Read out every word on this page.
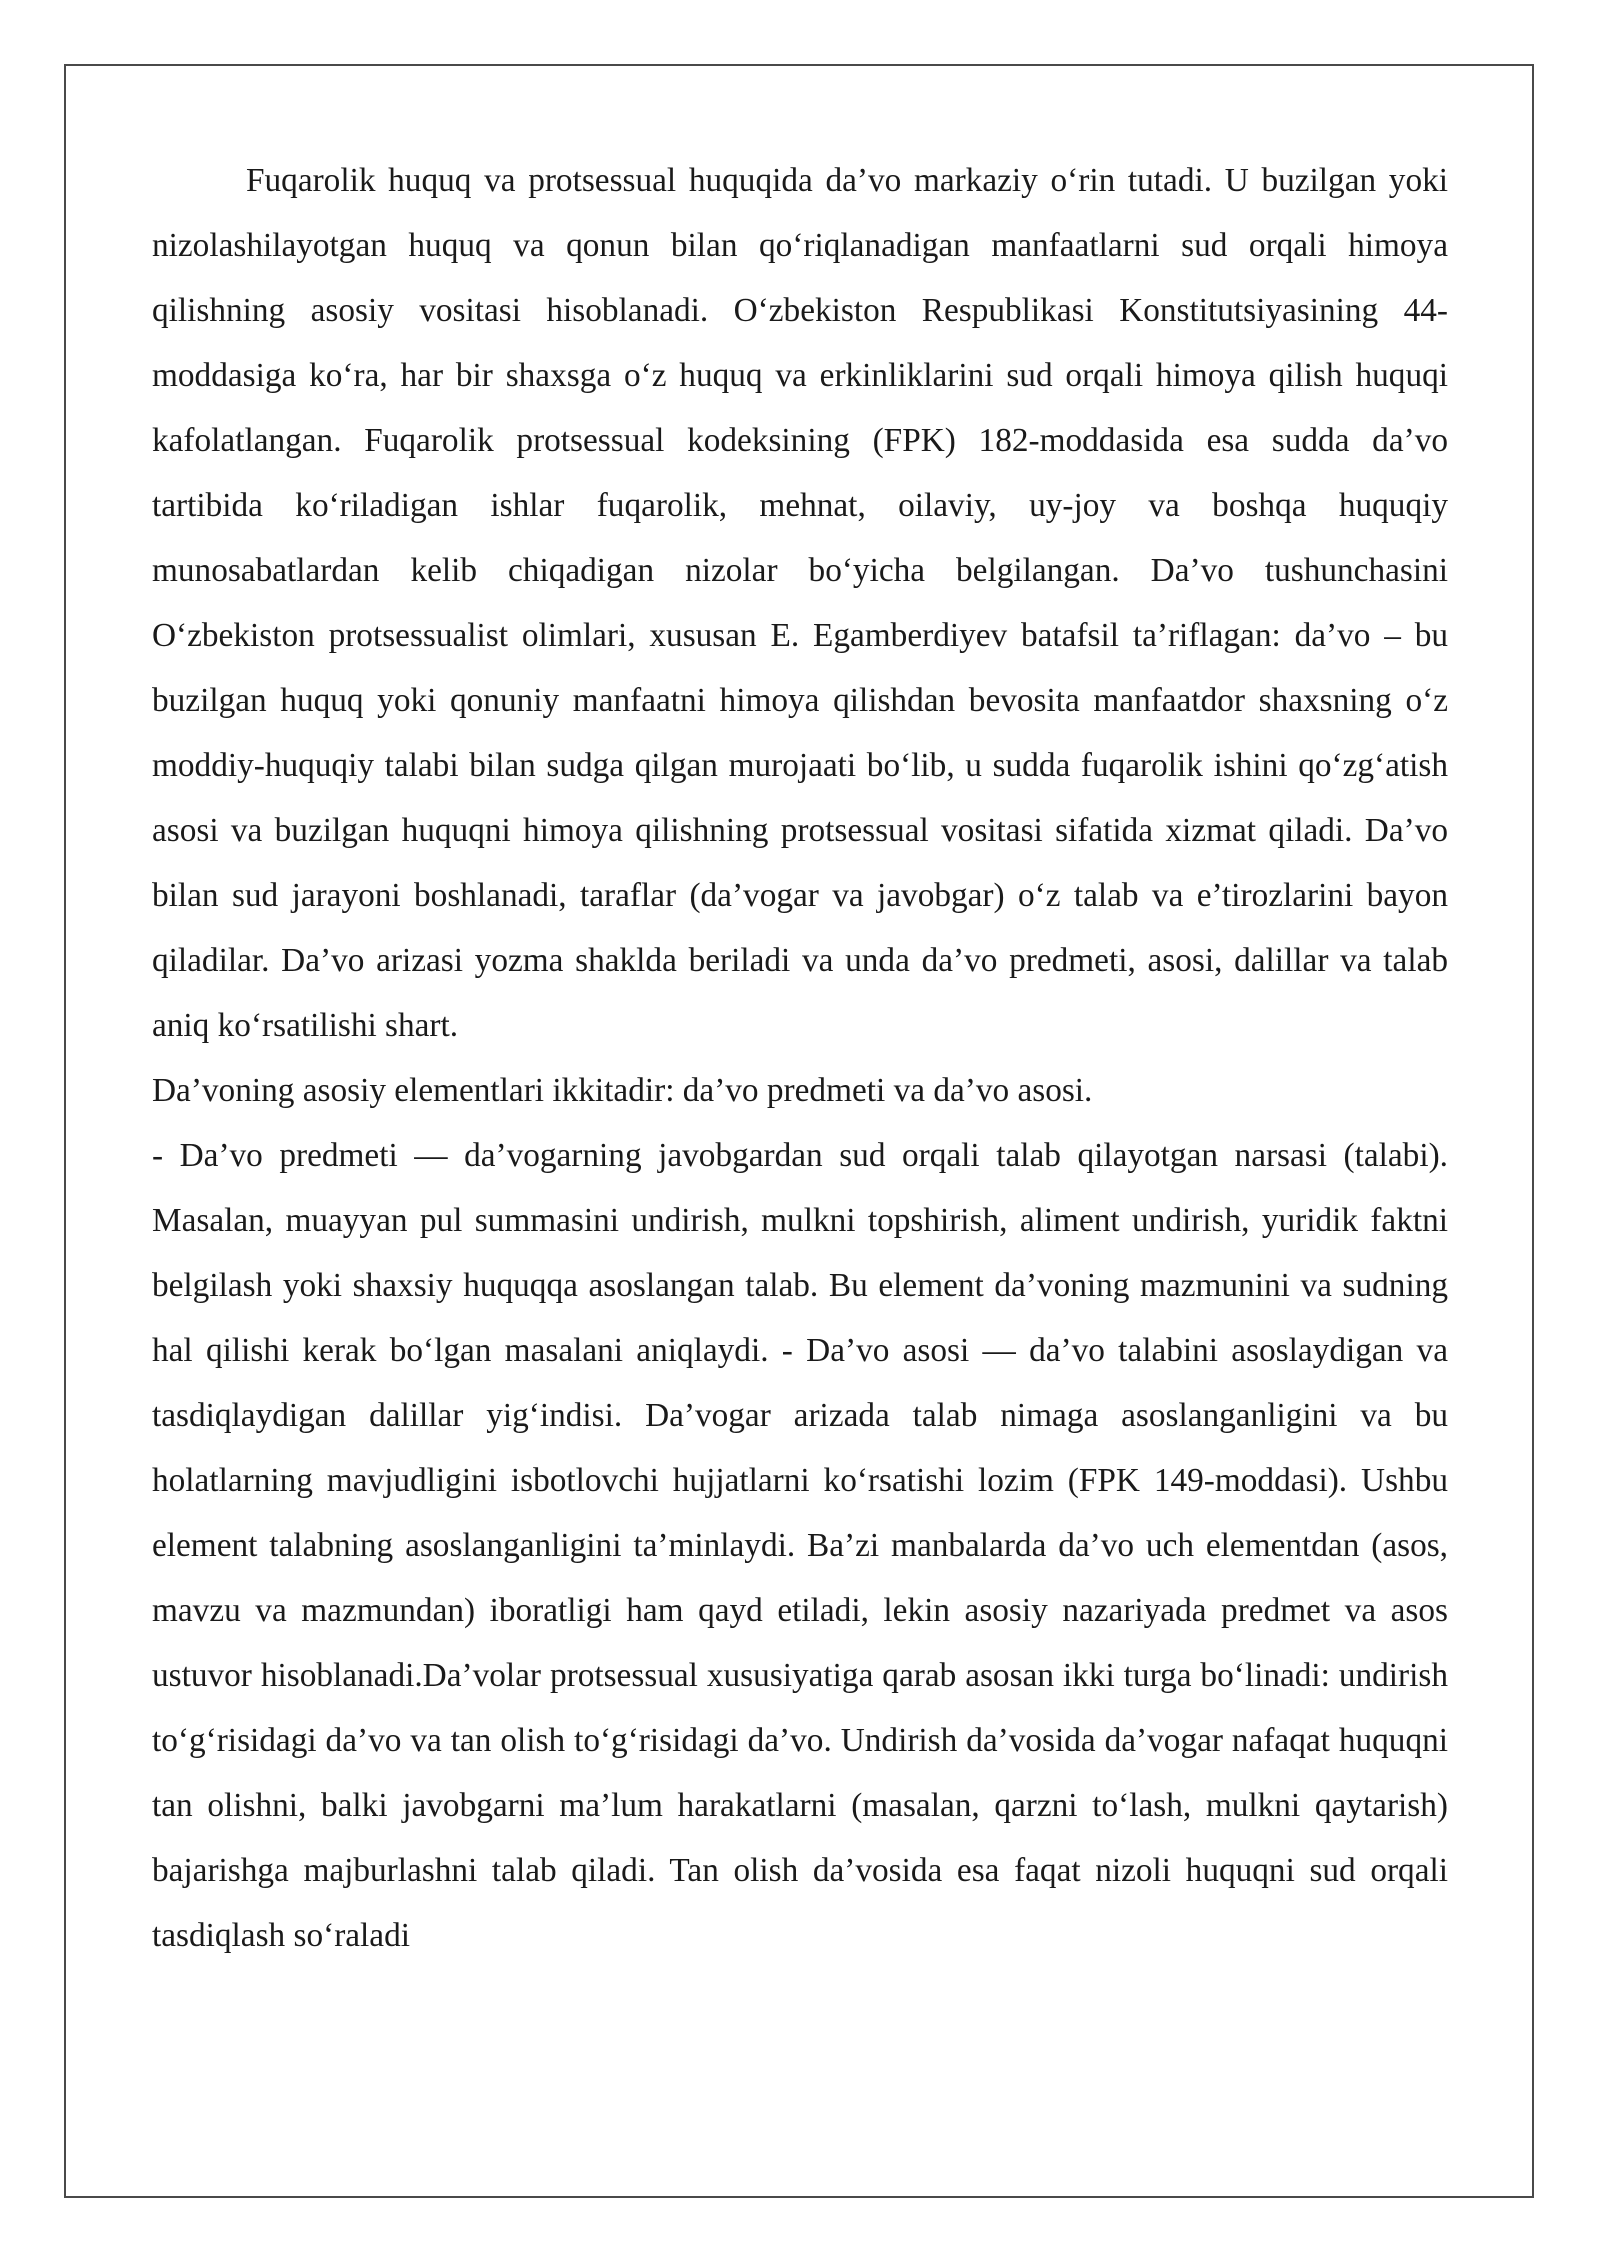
Fuqarolik huquq va protsessual huquqida da’vo markaziy o‘rin tutadi. U buzilgan yoki nizolashilayotgan huquq va qonun bilan qo‘riqlanadigan manfaatlarni sud orqali himoya qilishning asosiy vositasi hisoblanadi. O‘zbekiston Respublikasi Konstitutsiyasining 44-moddasiga ko‘ra, har bir shaxsga o‘z huquq va erkinliklarini sud orqali himoya qilish huquqi kafolatlangan. Fuqarolik protsessual kodeksining (FPK) 182-moddasida esa sudda da’vo tartibida ko‘riladigan ishlar fuqarolik, mehnat, oilaviy, uy-joy va boshqa huquqiy munosabatlardan kelib chiqadigan nizolar bo‘yicha belgilangan. Da’vo tushunchasini O‘zbekiston protsessualist olimlari, xususan E. Egamberdiyev batafsil ta’riflagan: da’vo – bu buzilgan huquq yoki qonuniy manfaatni himoya qilishdan bevosita manfaatdor shaxsning o‘z moddiy-huquqiy talabi bilan sudga qilgan murojaati bo‘lib, u sudda fuqarolik ishini qo‘zg‘atish asosi va buzilgan huquqni himoya qilishning protsessual vositasi sifatida xizmat qiladi. Da’vo bilan sud jarayoni boshlanadi, taraflar (da’vogar va javobgar) o‘z talab va e’tirozlarini bayon qiladilar. Da’vo arizasi yozma shaklda beriladi va unda da’vo predmeti, asosi, dalillar va talab aniq ko‘rsatilishi shart.

Da’voning asosiy elementlari ikkitadir: da’vo predmeti va da’vo asosi.

- Da’vo predmeti — da’vogarning javobgardan sud orqali talab qilayotgan narsasi (talabi). Masalan, muayyan pul summasini undirish, mulkni topshirish, aliment undirish, yuridik faktni belgilash yoki shaxsiy huquqqa asoslangan talab. Bu element da’voning mazmunini va sudning hal qilishi kerak bo‘lgan masalani aniqlaydi. - Da’vo asosi — da’vo talabini asoslaydigan va tasdiqlaydigan dalillar yig‘indisi. Da’vogar arizada talab nimaga asoslanganligini va bu holatlarning mavjudligini isbotlovchi hujjatlarni ko‘rsatishi lozim (FPK 149-moddasi). Ushbu element talabning asoslanganligini ta’minlaydi. Ba’zi manbalarda da’vo uch elementdan (asos, mavzu va mazmundan) iboratligi ham qayd etiladi, lekin asosiy nazariyada predmet va asos ustuvor hisoblanadi.Da’volar protsessual xususiyatiga qarab asosan ikki turga bo‘linadi: undirish to‘g‘risidagi da’vo va tan olish to‘g‘risidagi da’vo. Undirish da’vosida da’vogar nafaqat huquqni tan olishni, balki javobgarni ma’lum harakatlarni (masalan, qarzni to‘lash, mulkni qaytarish) bajarishga majburlashni talab qiladi. Tan olish da’vosida esa faqat nizoli huquqni sud orqali tasdiqlash so‘raladi
